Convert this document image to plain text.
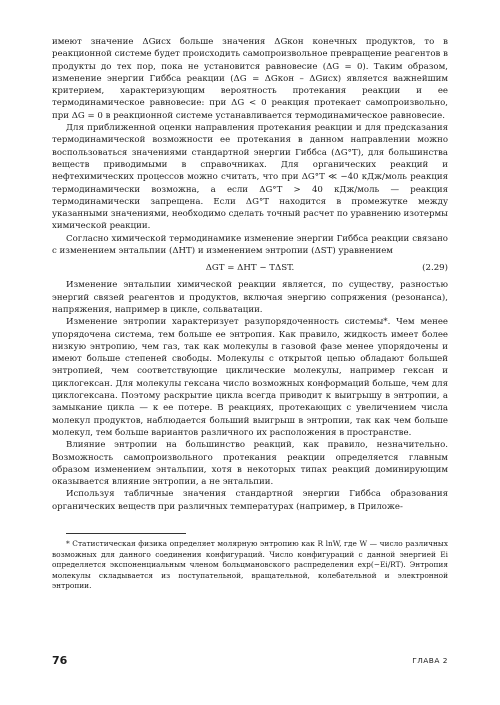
имеют значение ΔGисх больше значения ΔGкон конечных продуктов, то в реакционной системе будет происходить самопроизвольное превращение реагентов в продукты до тех пор, пока не установится равновесие (ΔG = 0). Таким образом, изменение энергии Гиббса реакции (ΔG = ΔGкон – ΔGисх) является важнейшим критерием, характеризующим вероятность протекания реакции и ее термодинамическое равновесие: при ΔG < 0 реакция протекает самопроизвольно, при ΔG = 0 в реакционной системе устанавливается термодинамическое равновесие.

Для приближенной оценки направления протекания реакции и для предсказания термодинамической возможности ее протекания в данном направлении можно воспользоваться значениями стандартной энергии Гиббса (ΔG°T), для большинства веществ приводимыми в справочниках. Для органических реакций и нефтехимических процессов можно считать, что при ΔG°T ≪ −40 кДж/моль реакция термодинамически возможна, а если ΔG°T > 40 кДж/моль — реакция термодинамически запрещена. Если ΔG°T находится в промежутке между указанными значениями, необходимо сделать точный расчет по уравнению изотермы химической реакции.

Согласно химической термодинамике изменение энергии Гиббса реакции связано с изменением энтальпии (ΔHT) и изменением энтропии (ΔST) уравнением

ΔGT = ΔHT − TΔST.	(2.29)

Изменение энтальпии химической реакции является, по существу, разностью энергий связей реагентов и продуктов, включая энергию сопряжения (резонанса), напряжения, например в цикле, сольватации.

Изменение энтропии характеризует разупорядоченность системы*. Чем менее упорядочена система, тем больше ее энтропия. Как правило, жидкость имеет более низкую энтропию, чем газ, так как молекулы в газовой фазе менее упорядочены и имеют больше степеней свободы. Молекулы с открытой цепью обладают большей энтропией, чем соответствующие циклические молекулы, например гексан и циклогексан. Для молекулы гексана число возможных конформаций больше, чем для циклогексана. Поэтому раскрытие цикла всегда приводит к выигрышу в энтропии, а замыкание цикла — к ее потере. В реакциях, протекающих с увеличением числа молекул продуктов, наблюдается больший выигрыш в энтропии, так как чем больше молекул, тем больше вариантов различного их расположения в пространстве.

Влияние энтропии на большинство реакций, как правило, незначительно. Возможность самопроизвольного протекания реакции определяется главным образом изменением энтальпии, хотя в некоторых типах реакций доминирующим оказывается влияние энтропии, а не энтальпии.

Используя табличные значения стандартной энергии Гиббса образования органических веществ при различных температурах (например, в Приложе-

* Статистическая физика определяет молярную энтропию как R lnW, где W — число различных возможных для данного соединения конфигураций. Число конфигураций с данной энергией Ei определяется экспоненциальным членом больцмановского распределения exp(−Ei/RT). Энтропия молекулы складывается из поступательной, вращательной, колебательной и электронной энтропии.

76	ГЛАВА 2
